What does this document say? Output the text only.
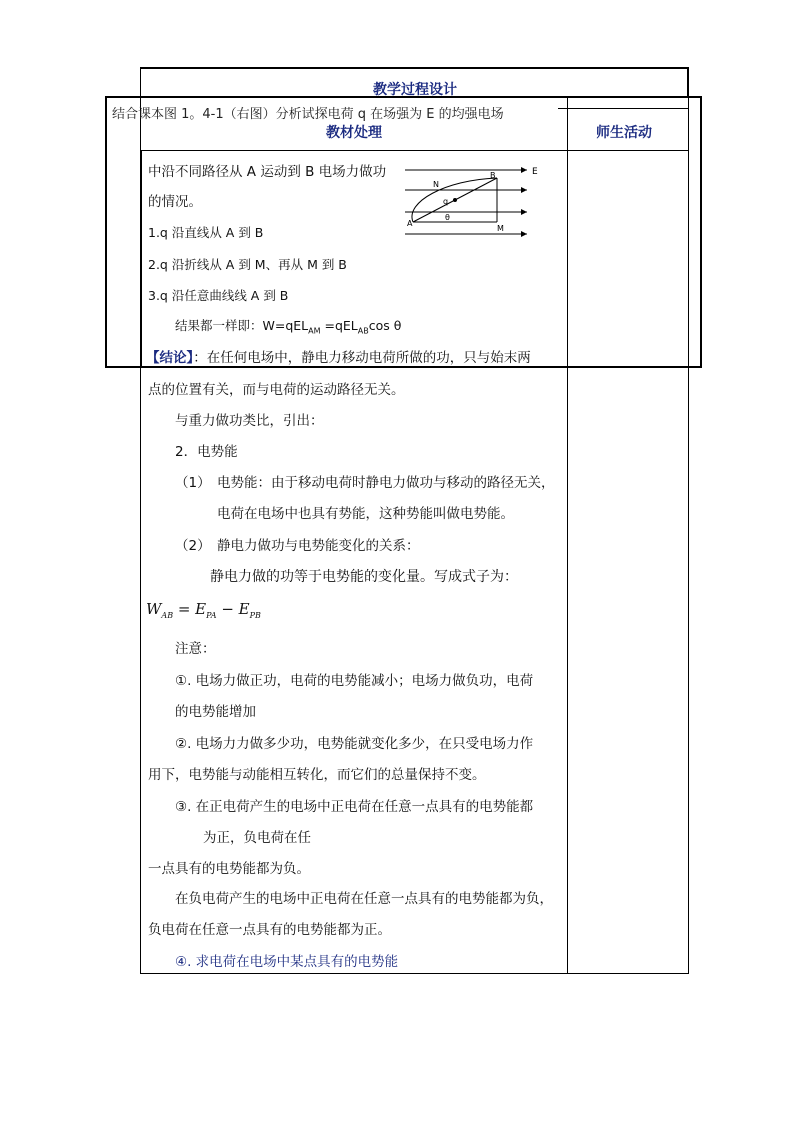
教学过程设计
教材处理	师生活动
结合课本图 1。4-1（右图）分析试探电荷 q 在场强为 E 的均强电场
中沿不同路径从 A 运动到 B 电场力做功
的情况。
1.q 沿直线从 A 到 B
2.q 沿折线从 A 到 M、再从 M 到 B
3.q 沿任意曲线线 A 到 B
结果都一样即：W=qEL$_{AM}$ =qEL$_{AB}$cos θ
【结论】：在任何电场中，静电力移动电荷所做的功，只与始末两
点的位置有关，而与电荷的运动路径无关。
与重力做功类比，引出：
2．电势能
（1） 电势能：由于移动电荷时静电力做功与移动的路径无关，
电荷在电场中也具有势能，这种势能叫做电势能。
（2） 静电力做功与电势能变化的关系：
静电力做的功等于电势能的变化量。写成式子为：
$W_{AB} = E_{PA} - E_{PB}$
注意：
①. 电场力做正功，电荷的电势能减小；电场力做负功，电荷
的电势能增加
②. 电场力力做多少功，电势能就变化多少，在只受电场力作
用下，电势能与动能相互转化，而它们的总量保持不变。
③. 在正电荷产生的电场中正电荷在任意一点具有的电势能都
为正，负电荷在任
一点具有的电势能都为负。
在负电荷产生的电场中正电荷在任意一点具有的电势能都为负，
负电荷在任意一点具有的电势能都为正。
④. 求电荷在电场中某点具有的电势能
E
N
B
q
θ
A
M
